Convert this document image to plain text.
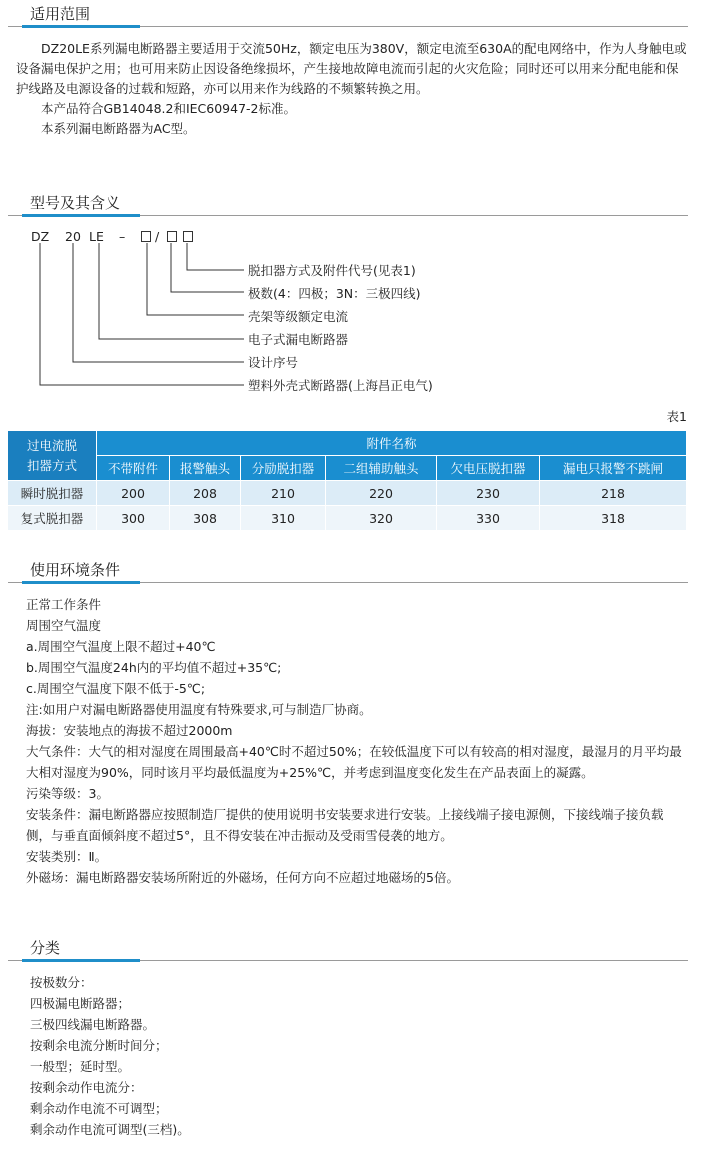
适用范围

DZ20LE系列漏电断路器主要适用于交流50Hz，额定电压为380V，额定电流至630A的配电网络中，作为人身触电或设备漏电保护之用；也可用来防止因设备绝缘损坏，产生接地故障电流而引起的火灾危险；同时还可以用来分配电能和保护线路及电源设备的过载和短路，亦可以用来作为线路的不频繁转换之用。

本产品符合GB14048.2和IEC60947-2标准。

本系列漏电断路器为AC型。

型号及其含义
DZ 20 LE – /
脱扣器方式及附件代号(见表1)
极数(4：四极；3N：三极四线)
壳架等级额定电流
电子式漏电断路器
设计序号
塑料外壳式断路器(上海昌正电气)
表1
过电流脱
扣器方式	附件名称					
	不带附件	报警触头	分励脱扣器	二组辅助触头	欠电压脱扣器	漏电只报警不跳闸
瞬时脱扣器	200	208	210	220	230	218
复式脱扣器	300	308	310	320	330	318
使用环境条件

正常工作条件

周围空气温度

a.周围空气温度上限不超过+40℃

b.周围空气温度24h内的平均值不超过+35℃;

c.周围空气温度下限不低于-5℃;

注:如用户对漏电断路器使用温度有特殊要求,可与制造厂协商。

海拔：安装地点的海拔不超过2000m

大气条件：大气的相对湿度在周围最高+40℃时不超过50%；在较低温度下可以有较高的相对湿度，最湿月的月平均最大相对湿度为90%，同时该月平均最低温度为+25%℃，并考虑到温度变化发生在产品表面上的凝露。

污染等级：3。

安装条件：漏电断路器应按照制造厂提供的使用说明书安装要求进行安装。上接线端子接电源侧，下接线端子接负载侧，与垂直面倾斜度不超过5°，且不得安装在冲击振动及受雨雪侵袭的地方。

安装类别：Ⅱ。

外磁场：漏电断路器安装场所附近的外磁场，任何方向不应超过地磁场的5倍。

分类

按极数分：

四极漏电断路器；

三极四线漏电断路器。

按剩余电流分断时间分；

一般型；延时型。

按剩余动作电流分：

剩余动作电流不可调型；

剩余动作电流可调型(三档)。
